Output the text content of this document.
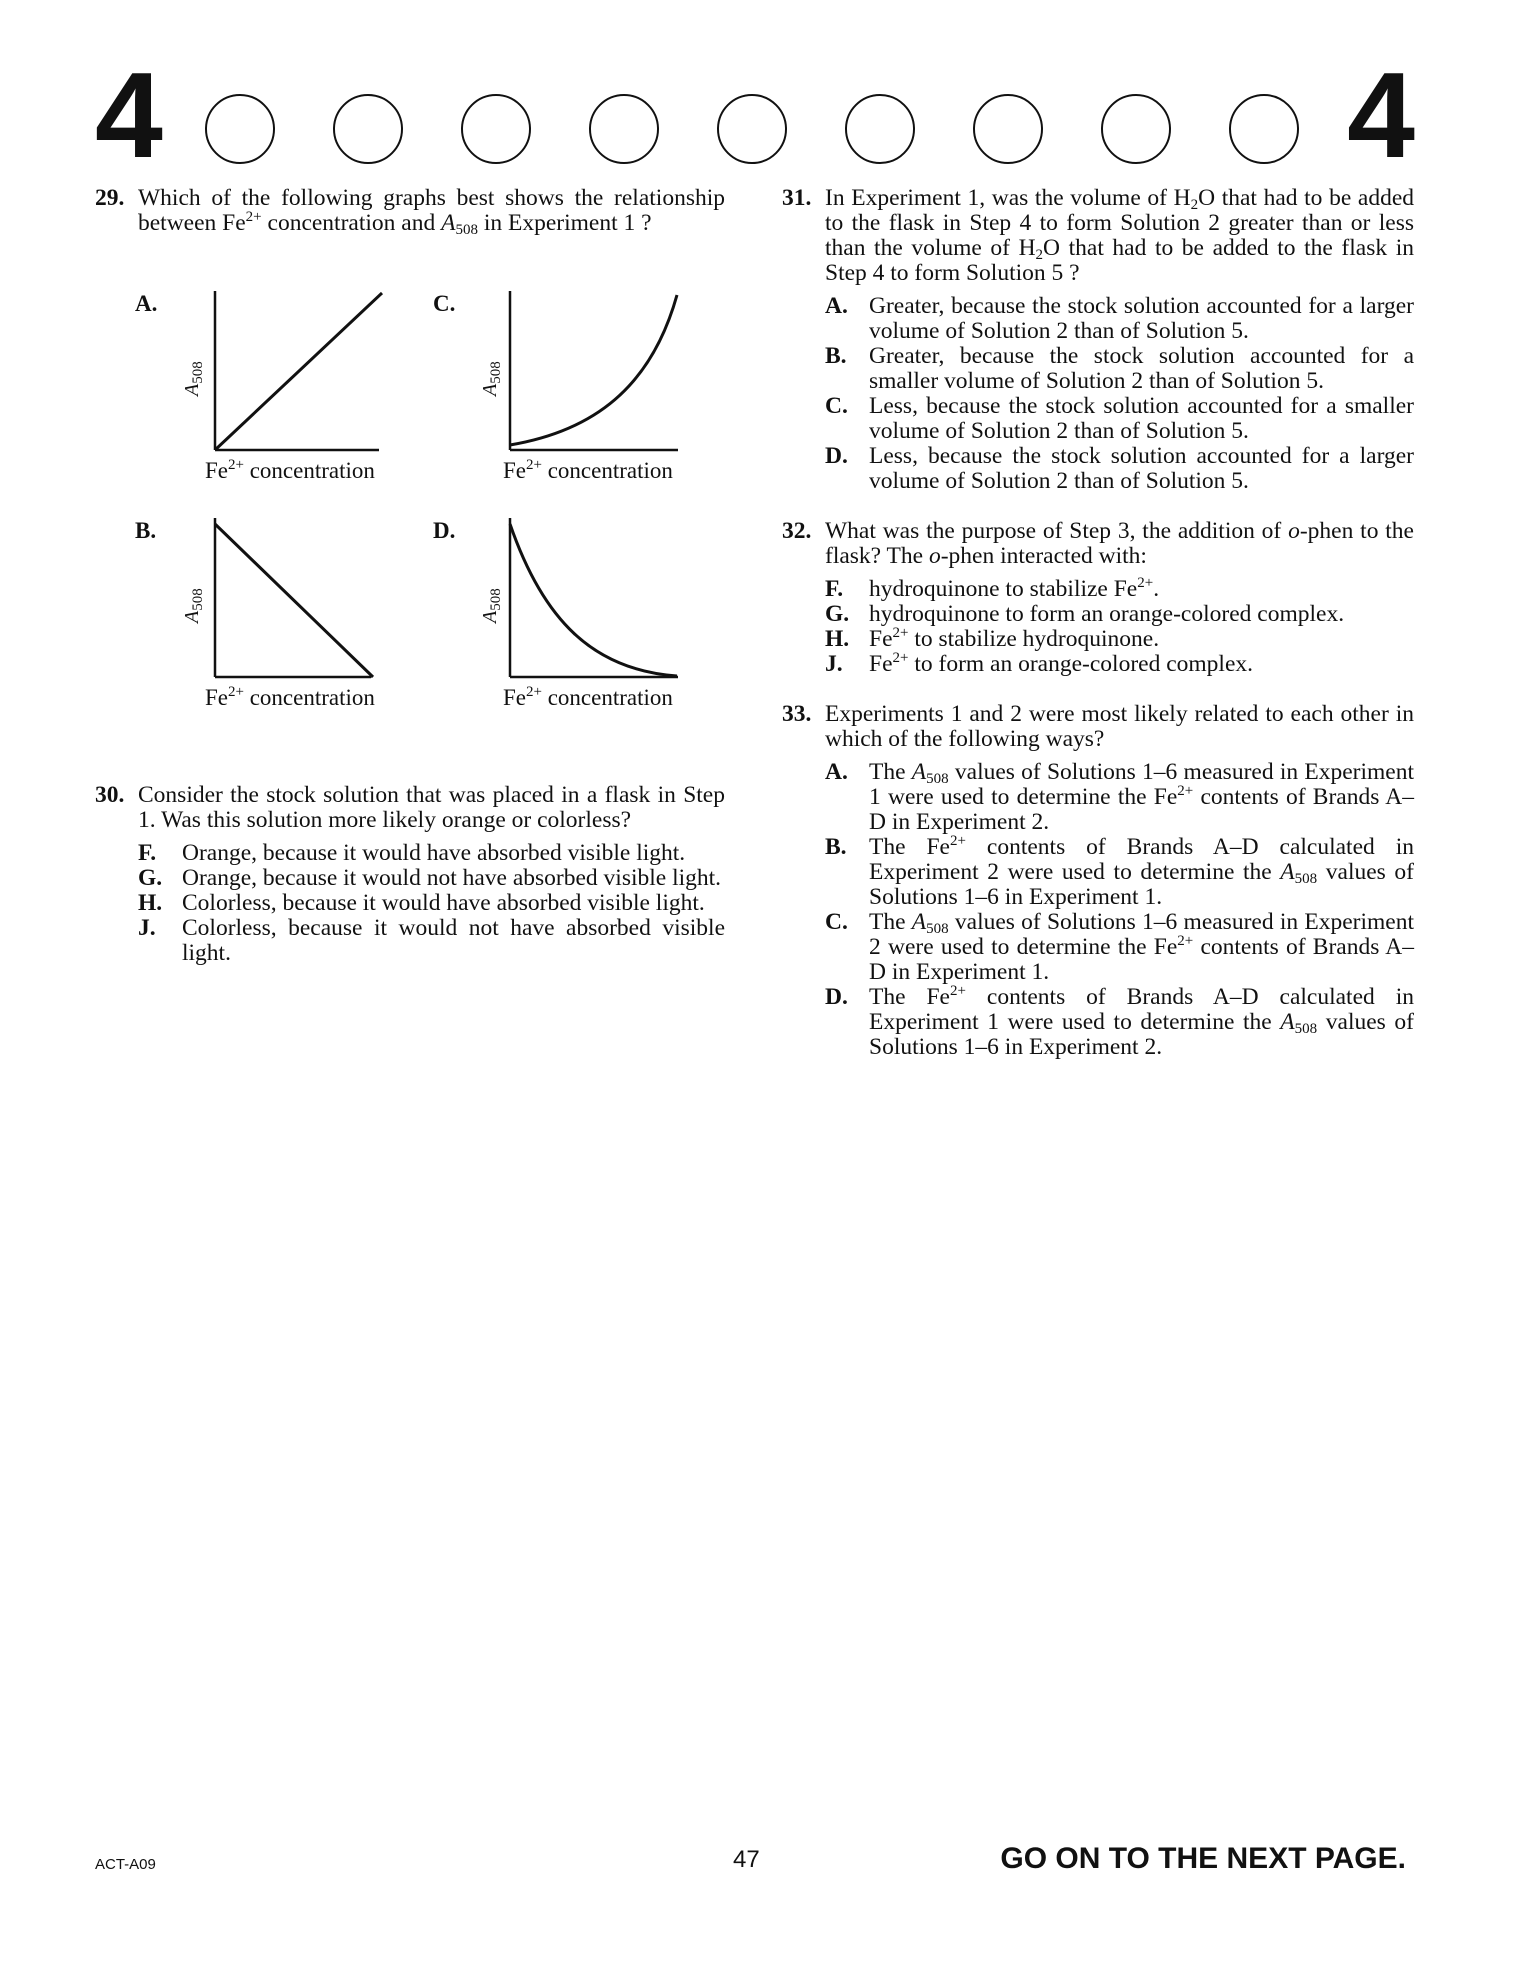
4	4
29. Which of the following graphs best shows the relationship between $Fe^{2+}$ concentration and $A_{508}$ in Experiment 1 ?
A.
$A_{508}$
$Fe^{2+}$ concentration
C.
$A_{508}$
$Fe^{2+}$ concentration
B.
$A_{508}$
$Fe^{2+}$ concentration
D.
$A_{508}$
$Fe^{2+}$ concentration
30. Consider the stock solution that was placed in a flask in Step 1. Was this solution more likely orange or colorless?
F. Orange, because it would have absorbed visible light.
G. Orange, because it would not have absorbed visible light.
H. Colorless, because it would have absorbed visible light.
J. Colorless, because it would not have absorbed visible light.
31. In Experiment 1, was the volume of $H_2O$ that had to be added to the flask in Step 4 to form Solution 2 greater than or less than the volume of $H_2O$ that had to be added to the flask in Step 4 to form Solution 5 ?
A. Greater, because the stock solution accounted for a larger volume of Solution 2 than of Solution 5.
B. Greater, because the stock solution accounted for a smaller volume of Solution 2 than of Solution 5.
C. Less, because the stock solution accounted for a smaller volume of Solution 2 than of Solution 5.
D. Less, because the stock solution accounted for a larger volume of Solution 2 than of Solution 5.
32. What was the purpose of Step 3, the addition of o-phen to the flask? The o-phen interacted with:
F. hydroquinone to stabilize $Fe^{2+}$.
G. hydroquinone to form an orange-colored complex.
H. $Fe^{2+}$ to stabilize hydroquinone.
J. $Fe^{2+}$ to form an orange-colored complex.
33. Experiments 1 and 2 were most likely related to each other in which of the following ways?
A. The $A_{508}$ values of Solutions 1–6 measured in Experiment 1 were used to determine the $Fe^{2+}$ contents of Brands A–D in Experiment 2.
B. The $Fe^{2+}$ contents of Brands A–D calculated in Experiment 2 were used to determine the $A_{508}$ values of Solutions 1–6 in Experiment 1.
C. The $A_{508}$ values of Solutions 1–6 measured in Experiment 2 were used to determine the $Fe^{2+}$ contents of Brands A–D in Experiment 1.
D. The $Fe^{2+}$ contents of Brands A–D calculated in Experiment 1 were used to determine the $A_{508}$ values of Solutions 1–6 in Experiment 2.
ACT-A09	47	GO ON TO THE NEXT PAGE.
